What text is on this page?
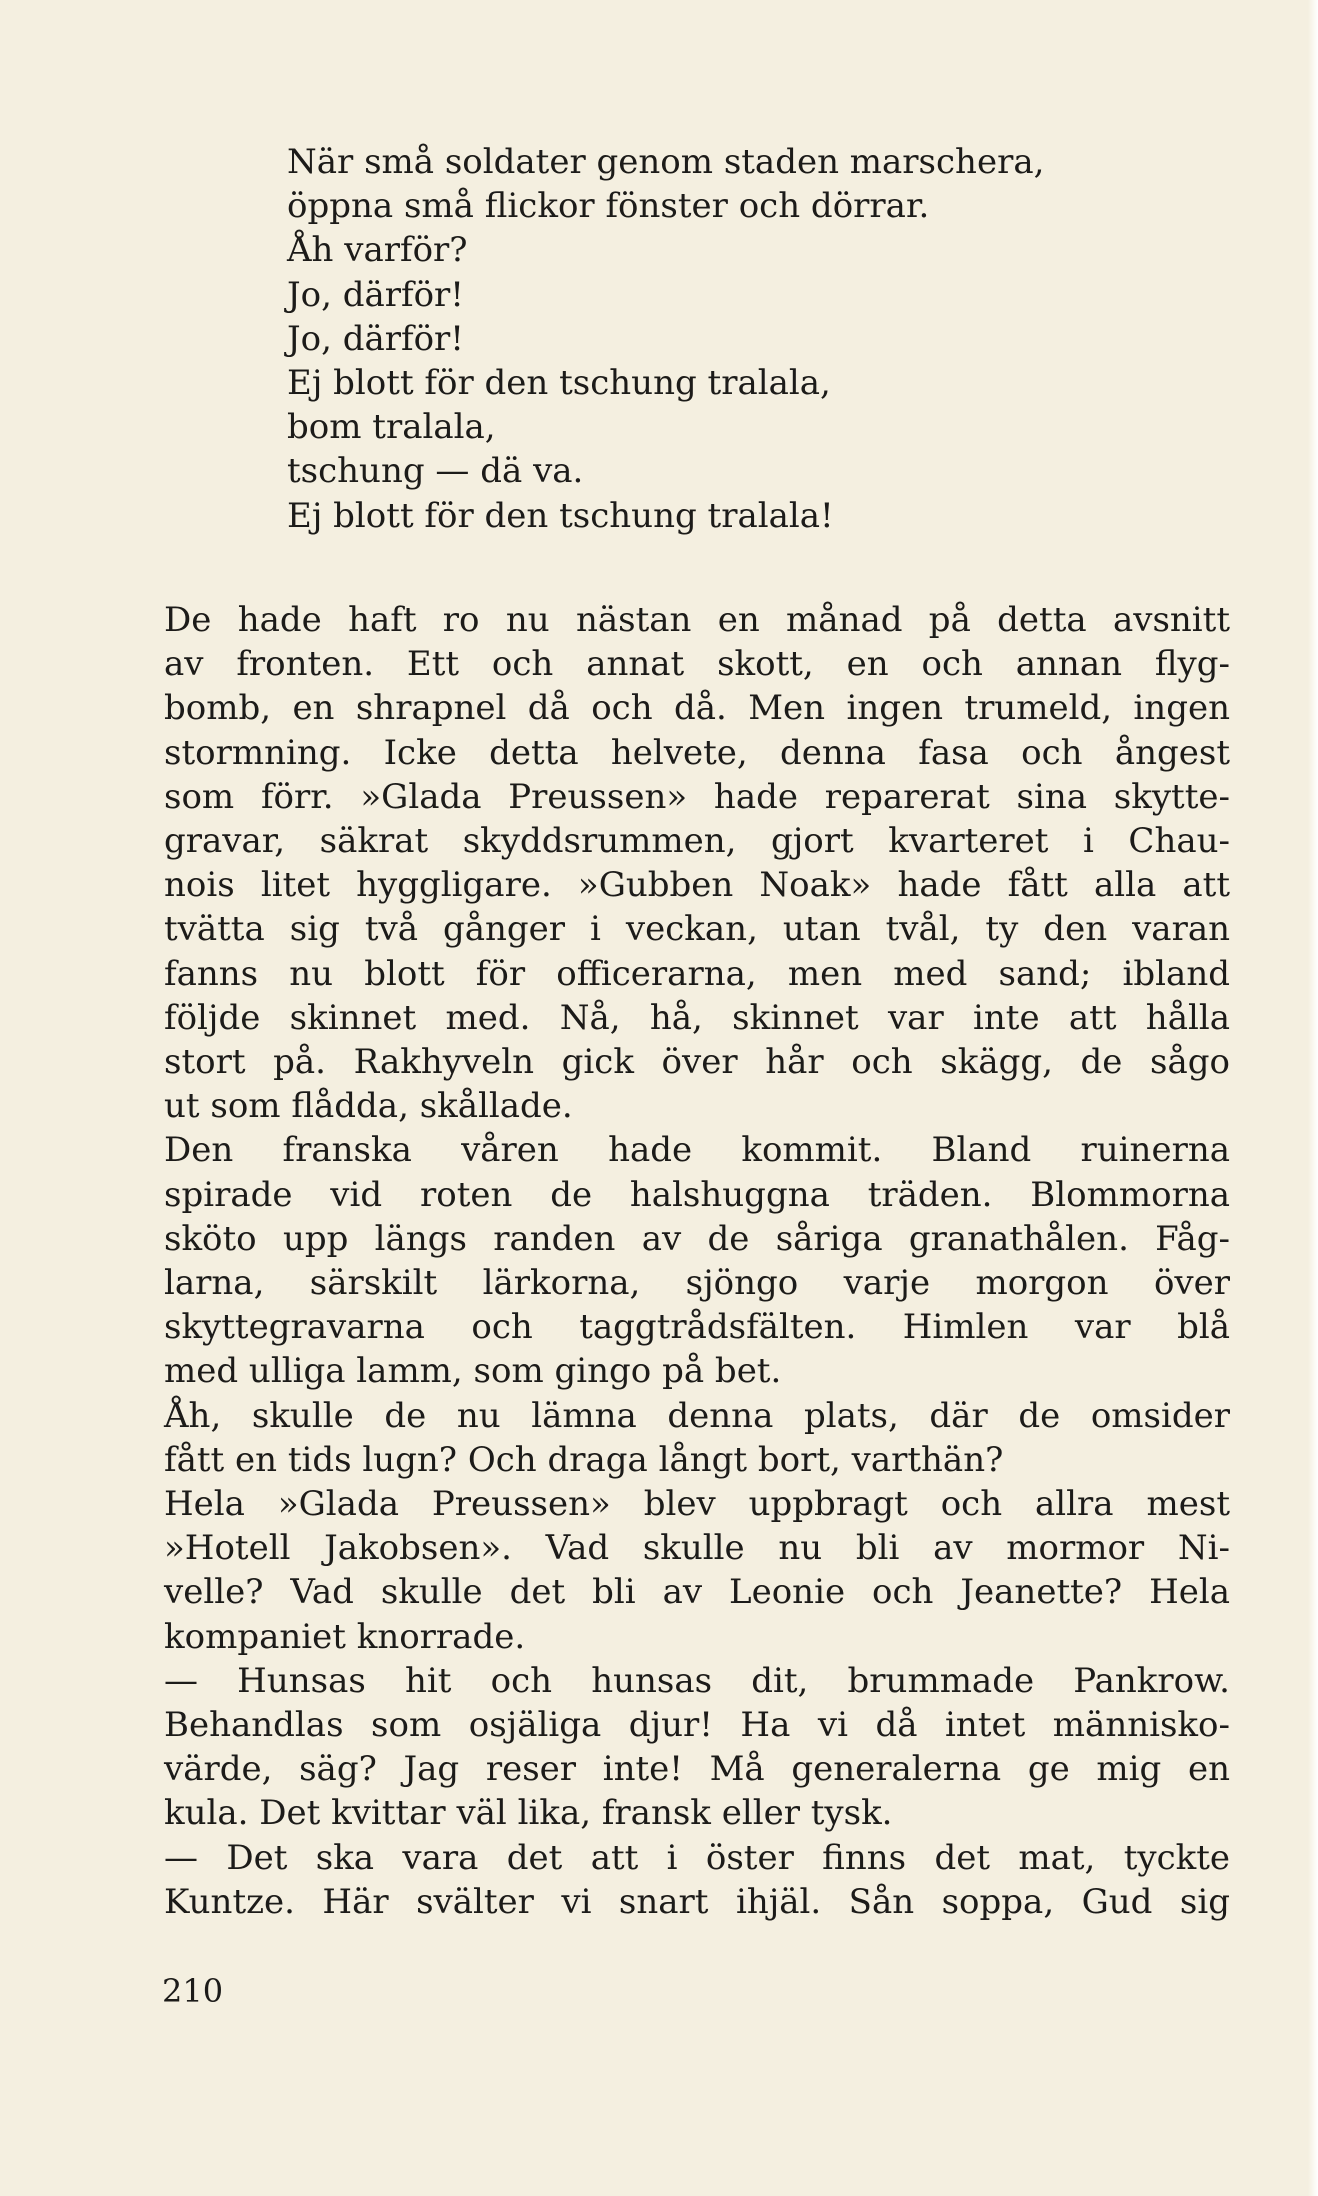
När små soldater genom staden marschera,
öppna små flickor fönster och dörrar.
Åh varför?
Jo, därför!
Jo, därför!
Ej blott för den tschung tralala,
bom tralala,
tschung — dä va.
Ej blott för den tschung tralala!
De hade haft ro nu nästan en månad på detta avsnitt
av fronten. Ett och annat skott, en och annan flyg-
bomb, en shrapnel då och då. Men ingen trumeld, ingen
stormning. Icke detta helvete, denna fasa och ångest
som förr. »Glada Preussen» hade reparerat sina skytte-
gravar, säkrat skyddsrummen, gjort kvarteret i Chau-
nois litet hyggligare. »Gubben Noak» hade fått alla att
tvätta sig två gånger i veckan, utan tvål, ty den varan
fanns nu blott för officerarna, men med sand; ibland
följde skinnet med. Nå, hå, skinnet var inte att hålla
stort på. Rakhyveln gick över hår och skägg, de sågo
ut som flådda, skållade.
Den franska våren hade kommit. Bland ruinerna
spirade vid roten de halshuggna träden. Blommorna
sköto upp längs randen av de såriga granathålen. Fåg-
larna, särskilt lärkorna, sjöngo varje morgon över
skyttegravarna och taggtrådsfälten. Himlen var blå
med ulliga lamm, som gingo på bet.
Åh, skulle de nu lämna denna plats, där de omsider
fått en tids lugn? Och draga långt bort, varthän?
Hela »Glada Preussen» blev uppbragt och allra mest
»Hotell Jakobsen». Vad skulle nu bli av mormor Ni-
velle? Vad skulle det bli av Leonie och Jeanette? Hela
kompaniet knorrade.
— Hunsas hit och hunsas dit, brummade Pankrow.
Behandlas som osjäliga djur! Ha vi då intet människo-
värde, säg? Jag reser inte! Må generalerna ge mig en
kula. Det kvittar väl lika, fransk eller tysk.
— Det ska vara det att i öster finns det mat, tyckte
Kuntze. Här svälter vi snart ihjäl. Sån soppa, Gud sig
210
